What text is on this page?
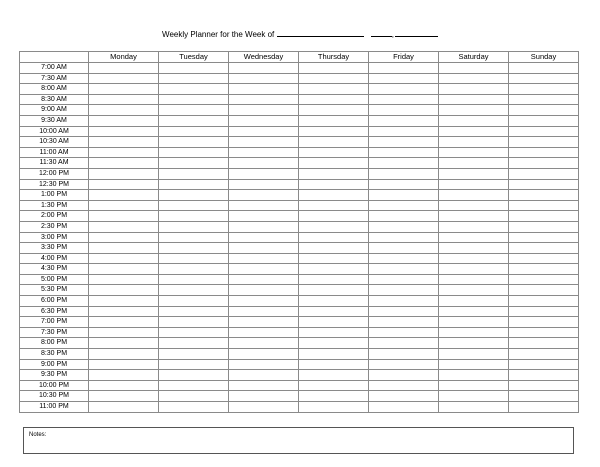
Weekly Planner for the Week of	,
	Monday	Tuesday	Wednesday	Thursday	Friday	Saturday	Sunday
7:00 AM							
7:30 AM							
8:00 AM							
8:30 AM							
9:00 AM							
9:30 AM							
10:00 AM							
10:30 AM							
11:00 AM							
11:30 AM							
12:00 PM							
12:30 PM							
1:00 PM							
1:30 PM							
2:00 PM							
2:30 PM							
3:00 PM							
3:30 PM							
4:00 PM							
4:30 PM							
5:00 PM							
5:30 PM							
6:00 PM							
6:30 PM							
7:00 PM							
7:30 PM							
8:00 PM							
8:30 PM							
9:00 PM							
9:30 PM							
10:00 PM							
10:30 PM							
11:00 PM							
Notes:
